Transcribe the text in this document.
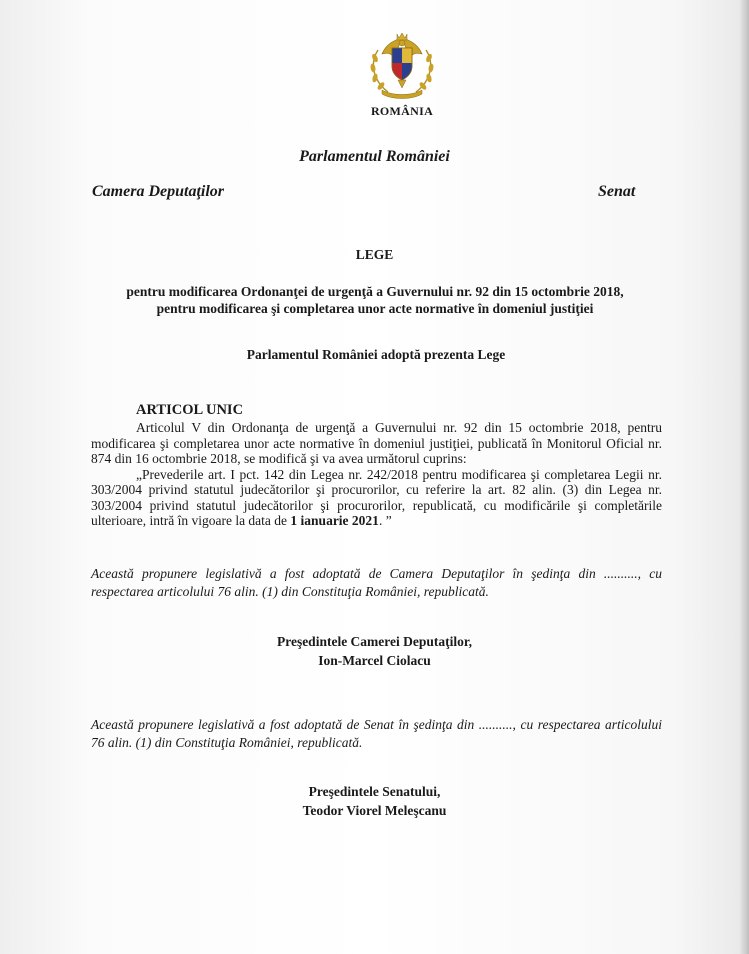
ROMÂNIA
Parlamentul României
Camera Deputaţilor	Senat
LEGE
pentru modificarea Ordonanţei de urgenţă a Guvernului nr. 92 din 15 octombrie 2018,
pentru modificarea şi completarea unor acte normative în domeniul justiţiei
Parlamentul României adoptă prezenta Lege
ARTICOL UNIC

Articolul V din Ordonanţa de urgenţă a Guvernului nr. 92 din 15 octombrie 2018, pentru modificarea şi completarea unor acte normative în domeniul justiţiei, publicată în Monitorul Oficial nr. 874 din 16 octombrie 2018, se modifică şi va avea următorul cuprins:

„Prevederile art. I pct. 142 din Legea nr. 242/2018 pentru modificarea şi completarea Legii nr. 303/2004 privind statutul judecătorilor şi procurorilor, cu referire la art. 82 alin. (3) din Legea nr. 303/2004 privind statutul judecătorilor şi procurorilor, republicată, cu modificările şi completările ulterioare, intră în vigoare la data de 1 ianuarie 2021. ”

Această propunere legislativă a fost adoptată de Camera Deputaţilor în şedinţa din .........., cu respectarea articolului 76 alin. (1) din Constituţia României, republicată.
Preşedintele Camerei Deputaţilor,
Ion-Marcel Ciolacu
Această propunere legislativă a fost adoptată de Senat în şedinţa din .........., cu respectarea articolului 76 alin. (1) din Constituţia României, republicată.
Preşedintele Senatului,
Teodor Viorel Meleşcanu
